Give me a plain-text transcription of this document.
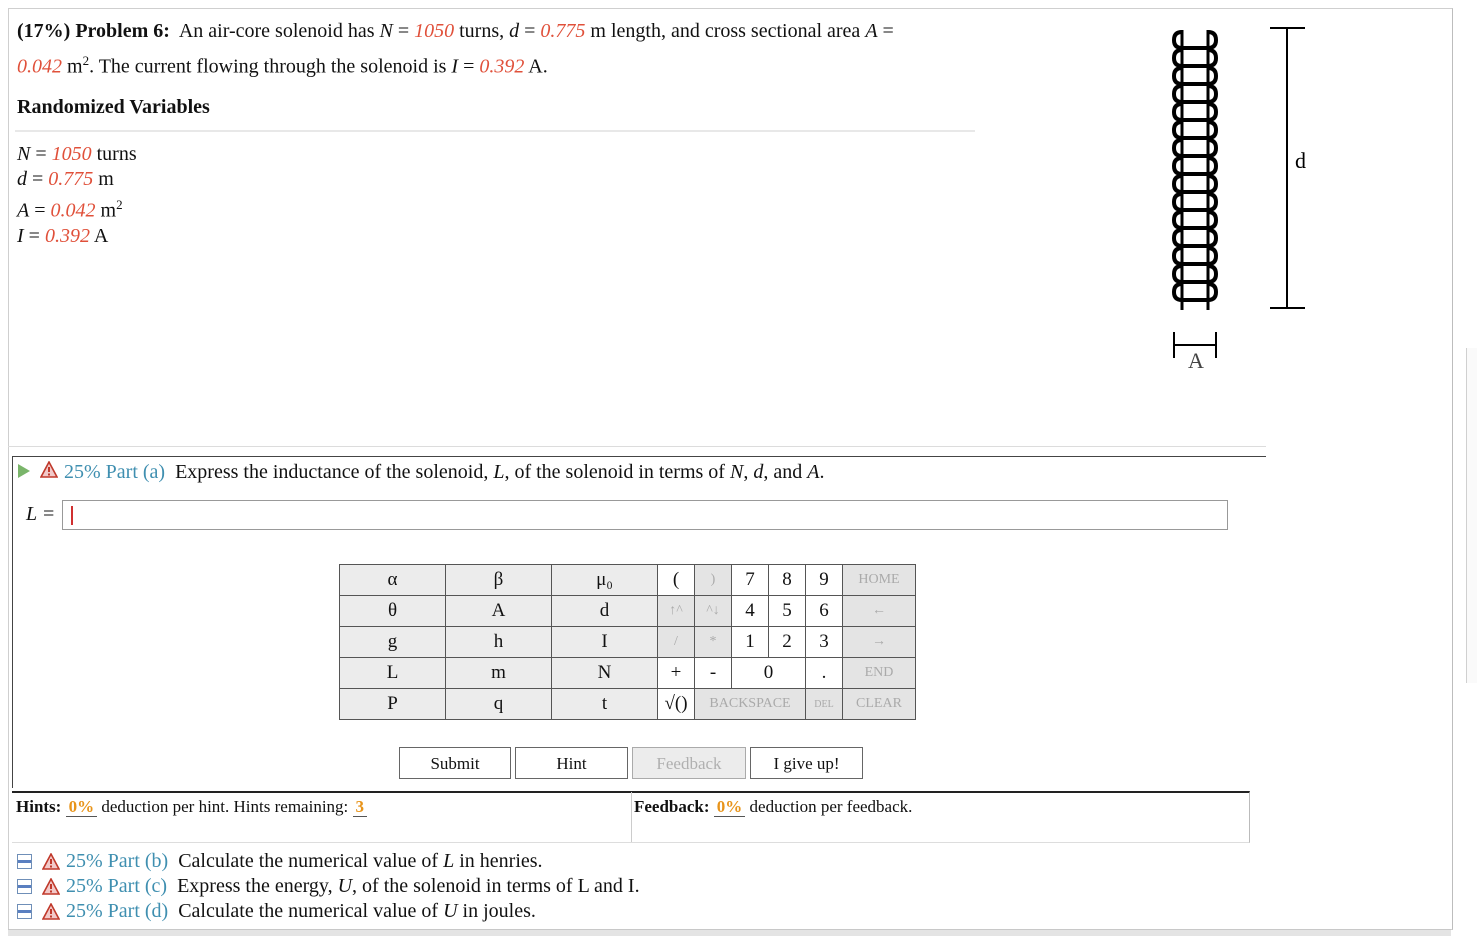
(17%) Problem 6: An air-core solenoid has N = 1050 turns, d = 0.775 m length, and cross sectional area A =
0.042 $m^2$. The current flowing through the solenoid is I = 0.392 A.
Randomized Variables
N = 1050 turns
d = 0.775 m
A = 0.042 $m^2$
I = 0.392 A
d
A
25% Part (a) Express the inductance of the solenoid, L, of the solenoid in terms of N, d, and A.
L =
α	β	μ₀	(	)	7	8	9	HOME
θ	A	d	↑^	^↓	4	5	6	←
g	h	I	/	*	1	2	3	→
L	m	N	+	-	0		.	END
P	q	t	√()	BACKSPACE			DEL	CLEAR
Submit	Hint	Feedback	I give up!
Hints: 0% deduction per hint. Hints remaining: 3	Feedback: 0% deduction per feedback.
25% Part (b)
Calculate the numerical value of
L
in henries.
25% Part (c)
Express the energy,
U , of the solenoid in terms of L and I.
25% Part (d)
Calculate the numerical value of
U
in joules.
